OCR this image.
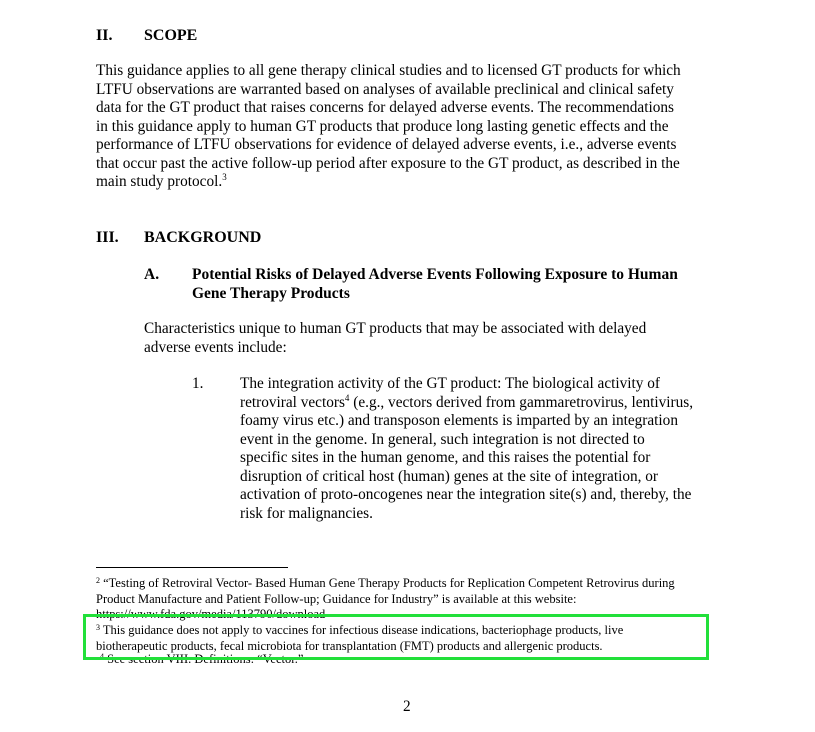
II. SCOPE
This guidance applies to all gene therapy clinical studies and to licensed GT products for which
LTFU observations are warranted based on analyses of available preclinical and clinical safety
data for the GT product that raises concerns for delayed adverse events. The recommendations
in this guidance apply to human GT products that produce long lasting genetic effects and the
performance of LTFU observations for evidence of delayed adverse events, i.e., adverse events
that occur past the active follow-up period after exposure to the GT product, as described in the
main study protocol.$^3$
III. BACKGROUND
A. Potential Risks of Delayed Adverse Events Following Exposure to Human
Gene Therapy Products
Characteristics unique to human GT products that may be associated with delayed
adverse events include:
1. The integration activity of the GT product: The biological activity of
retroviral vectors$^4$ (e.g., vectors derived from gammaretrovirus, lentivirus,
foamy virus etc.) and transposon elements is imparted by an integration
event in the genome. In general, such integration is not directed to
specific sites in the human genome, and this raises the potential for
disruption of critical host (human) genes at the site of integration, or
activation of proto-oncogenes near the integration site(s) and, thereby, the
risk for malignancies.
$^2$ “Testing of Retroviral Vector- Based Human Gene Therapy Products for Replication Competent Retrovirus during
Product Manufacture and Patient Follow-up; Guidance for Industry” is available at this website:
https://www.fda.gov/media/113790/download
$^3$ This guidance does not apply to vaccines for infectious disease indications, bacteriophage products, live
biotherapeutic products, fecal microbiota for transplantation (FMT) products and allergenic products.
$^4$ See section VIII. Definitions: “Vector.”
2
